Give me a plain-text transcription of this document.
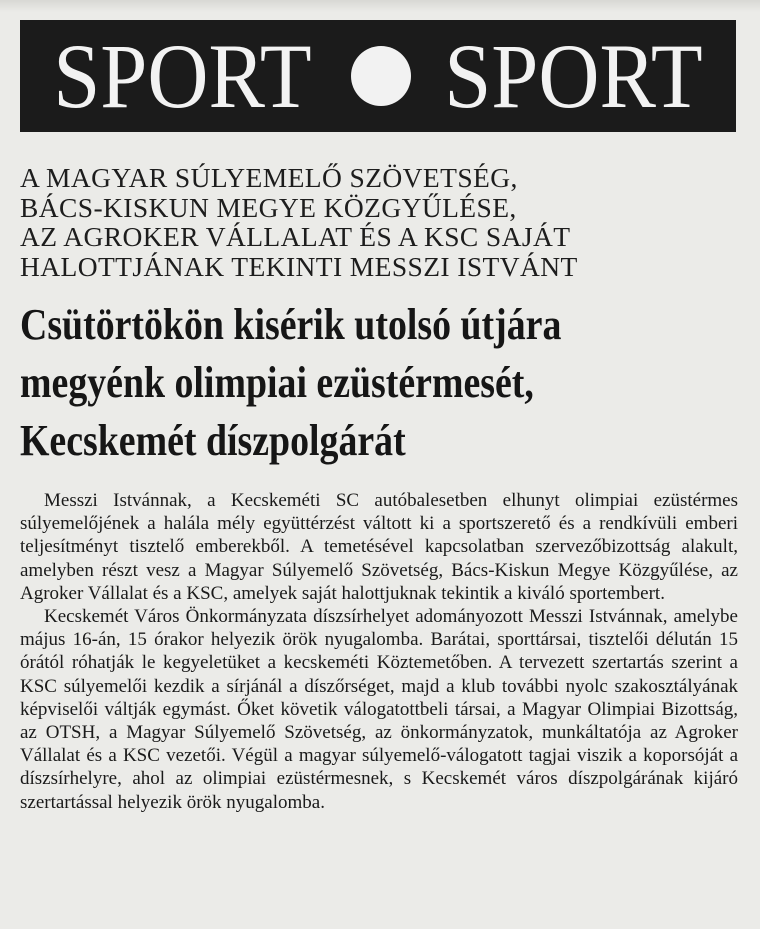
SPORT SPORT
A MAGYAR SÚLYEMELŐ SZÖVETSÉG,
BÁCS-KISKUN MEGYE KÖZGYŰLÉSE,
AZ AGROKER VÁLLALAT ÉS A KSC SAJÁT
HALOTTJÁNAK TEKINTI MESSZI ISTVÁNT
Csütörtökön kisérik utolsó útjára
megyénk olimpiai ezüstérmesét,
Kecskemét díszpolgárát

Messzi Istvánnak, a Kecskeméti SC autóbalesetben elhunyt olimpiai ezüstérmes súlyemelőjének a halála mély együttérzést váltott ki a sportszerető és a rendkívüli emberi teljesítményt tisztelő emberekből. A temetésével kapcsolatban szervezőbizottság alakult, amelyben részt vesz a Magyar Súlyemelő Szövetség, Bács-Kiskun Megye Közgyűlése, az Agroker Vállalat és a KSC, amelyek saját halottjuknak tekintik a kiváló sportembert.

Kecskemét Város Önkormányzata díszsírhelyet adományozott Messzi Istvánnak, amelybe május 16-án, 15 órakor helyezik örök nyugalomba. Barátai, sporttársai, tisztelői délután 15 órától róhatják le kegyeletüket a kecskeméti Köztemetőben. A tervezett szertartás szerint a KSC súlyemelői kezdik a sírjánál a díszőrséget, majd a klub további nyolc szakosztályának képviselői váltják egymást. Őket követik válogatottbeli társai, a Magyar Olimpiai Bizottság, az OTSH, a Magyar Súlyemelő Szövetség, az önkormányzatok, munkáltatója az Agroker Vállalat és a KSC vezetői. Végül a magyar súlyemelő-válogatott tagjai viszik a koporsóját a díszsírhelyre, ahol az olimpiai ezüstérmesnek, s Kecskemét város díszpolgárának kijáró szertartással helyezik örök nyugalomba.
